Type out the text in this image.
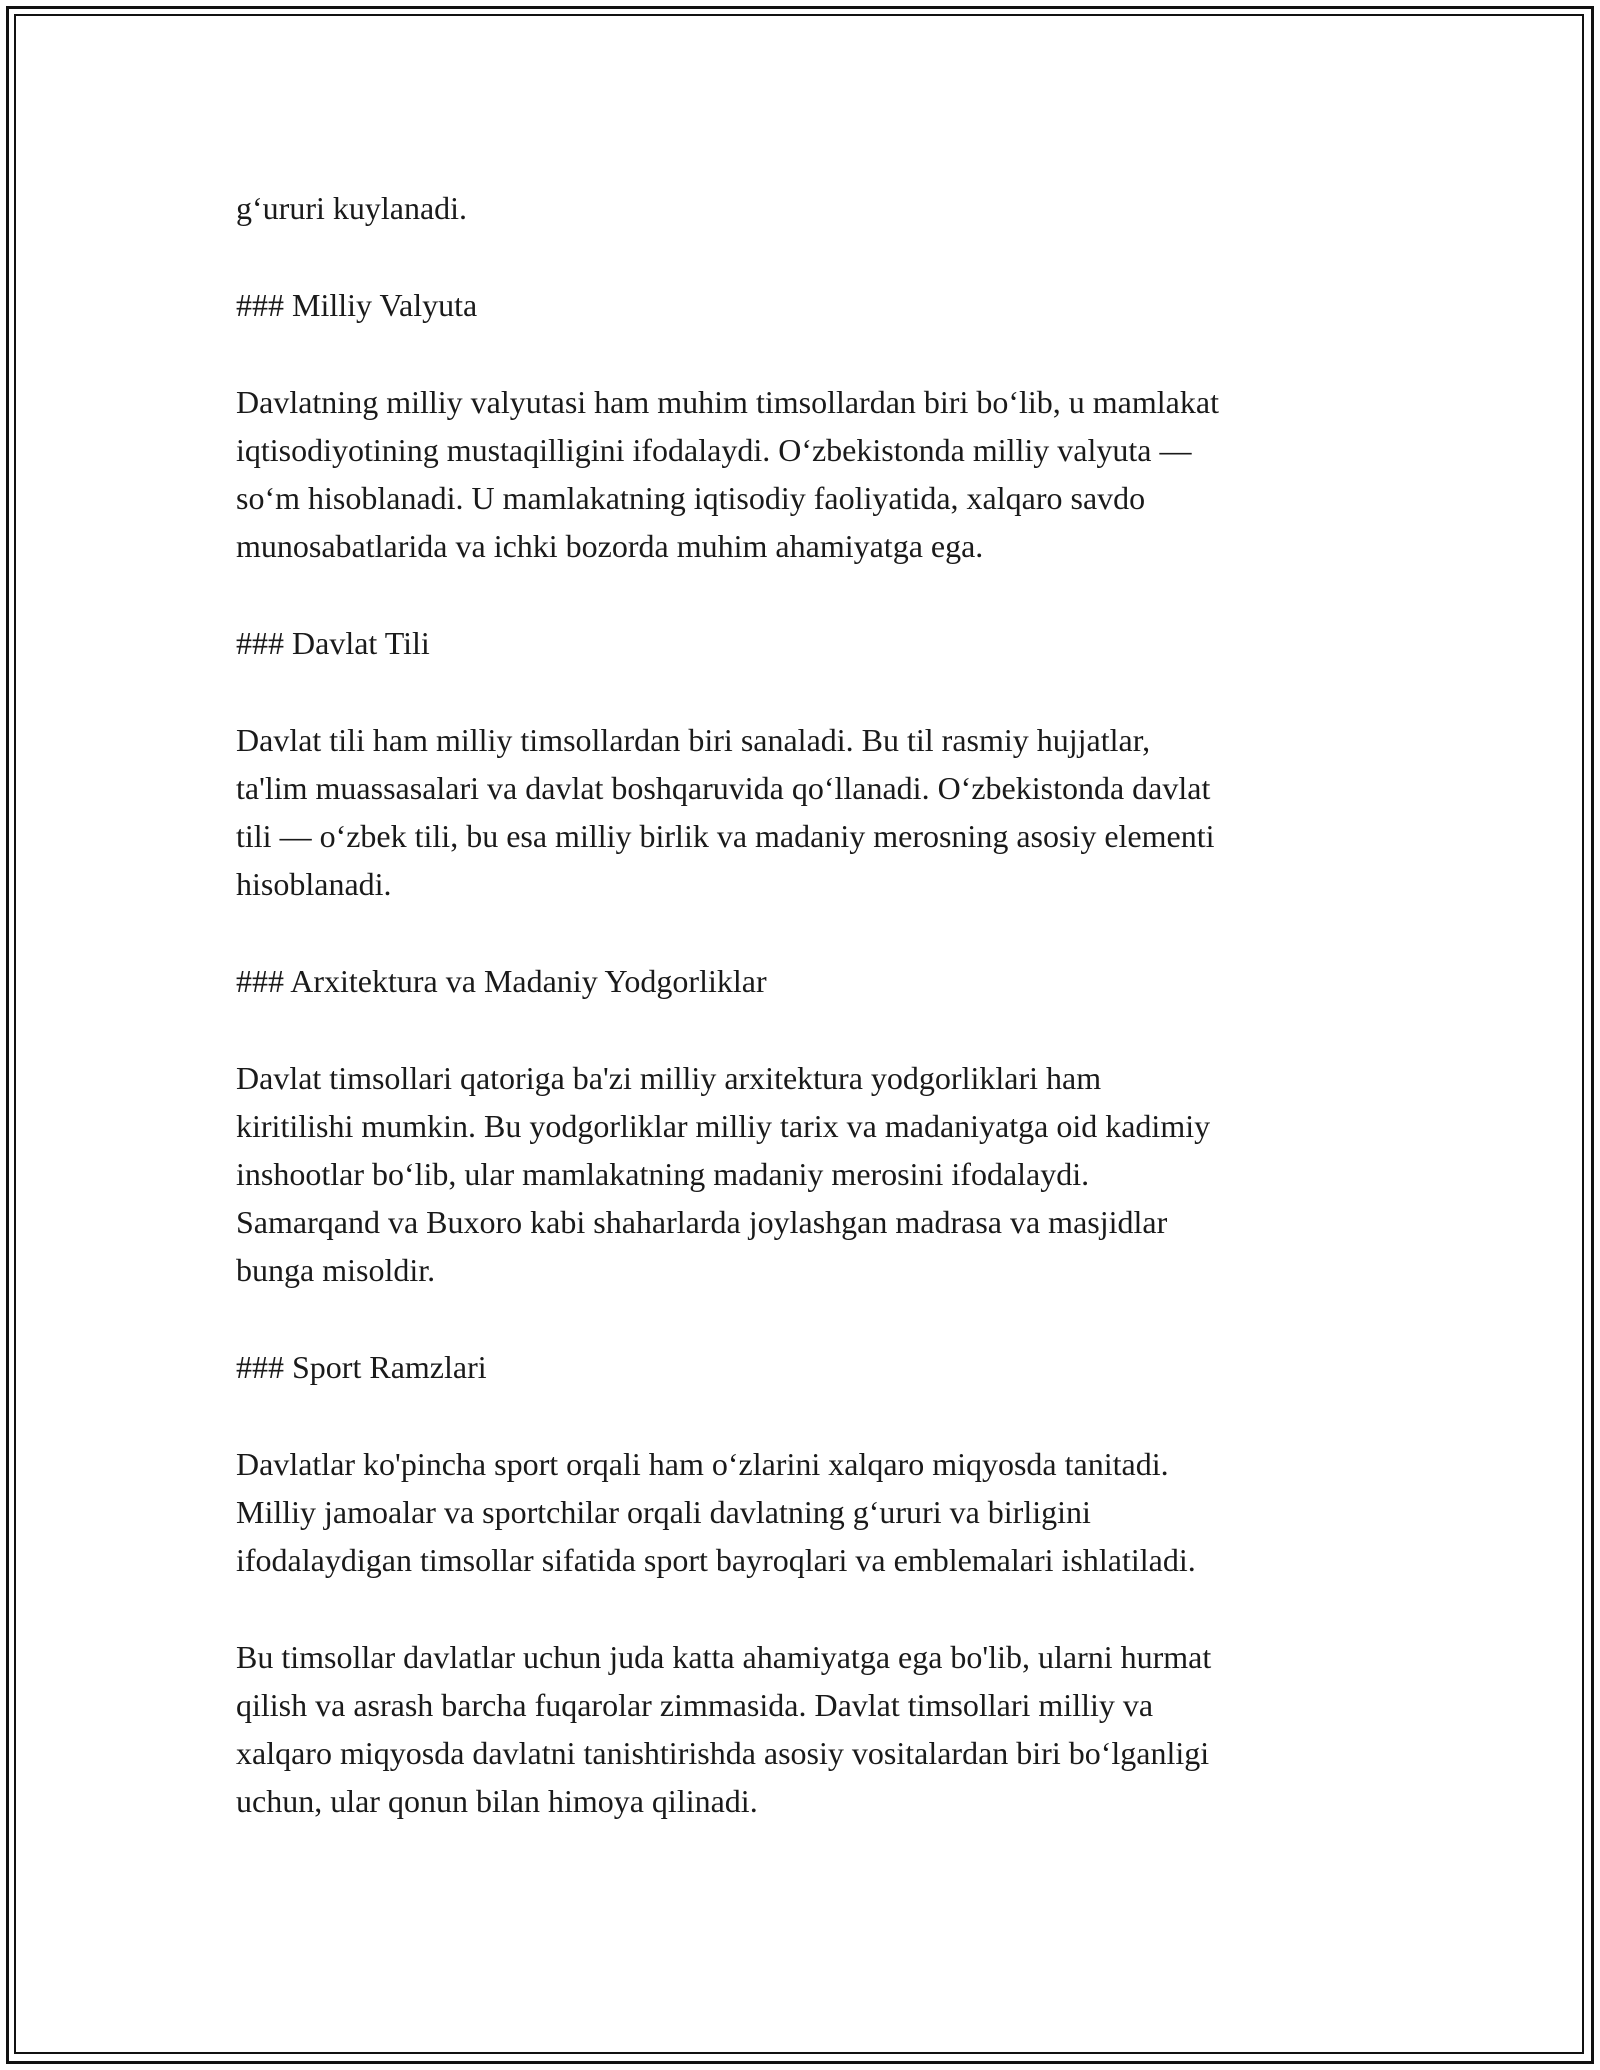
g‘ururi kuylanadi.
### Milliy Valyuta
Davlatning milliy valyutasi ham muhim timsollardan biri bo‘lib, u mamlakat
iqtisodiyotining mustaqilligini ifodalaydi. O‘zbekistonda milliy valyuta —
so‘m hisoblanadi. U mamlakatning iqtisodiy faoliyatida, xalqaro savdo
munosabatlarida va ichki bozorda muhim ahamiyatga ega.
### Davlat Tili
Davlat tili ham milliy timsollardan biri sanaladi. Bu til rasmiy hujjatlar,
ta'lim muassasalari va davlat boshqaruvida qo‘llanadi. O‘zbekistonda davlat
tili — o‘zbek tili, bu esa milliy birlik va madaniy merosning asosiy elementi
hisoblanadi.
### Arxitektura va Madaniy Yodgorliklar
Davlat timsollari qatoriga ba'zi milliy arxitektura yodgorliklari ham
kiritilishi mumkin. Bu yodgorliklar milliy tarix va madaniyatga oid kadimiy
inshootlar bo‘lib, ular mamlakatning madaniy merosini ifodalaydi.
Samarqand va Buxoro kabi shaharlarda joylashgan madrasa va masjidlar
bunga misoldir.
### Sport Ramzlari
Davlatlar ko'pincha sport orqali ham o‘zlarini xalqaro miqyosda tanitadi.
Milliy jamoalar va sportchilar orqali davlatning g‘ururi va birligini
ifodalaydigan timsollar sifatida sport bayroqlari va emblemalari ishlatiladi.
Bu timsollar davlatlar uchun juda katta ahamiyatga ega bo'lib, ularni hurmat
qilish va asrash barcha fuqarolar zimmasida. Davlat timsollari milliy va
xalqaro miqyosda davlatni tanishtirishda asosiy vositalardan biri bo‘lganligi
uchun, ular qonun bilan himoya qilinadi.
